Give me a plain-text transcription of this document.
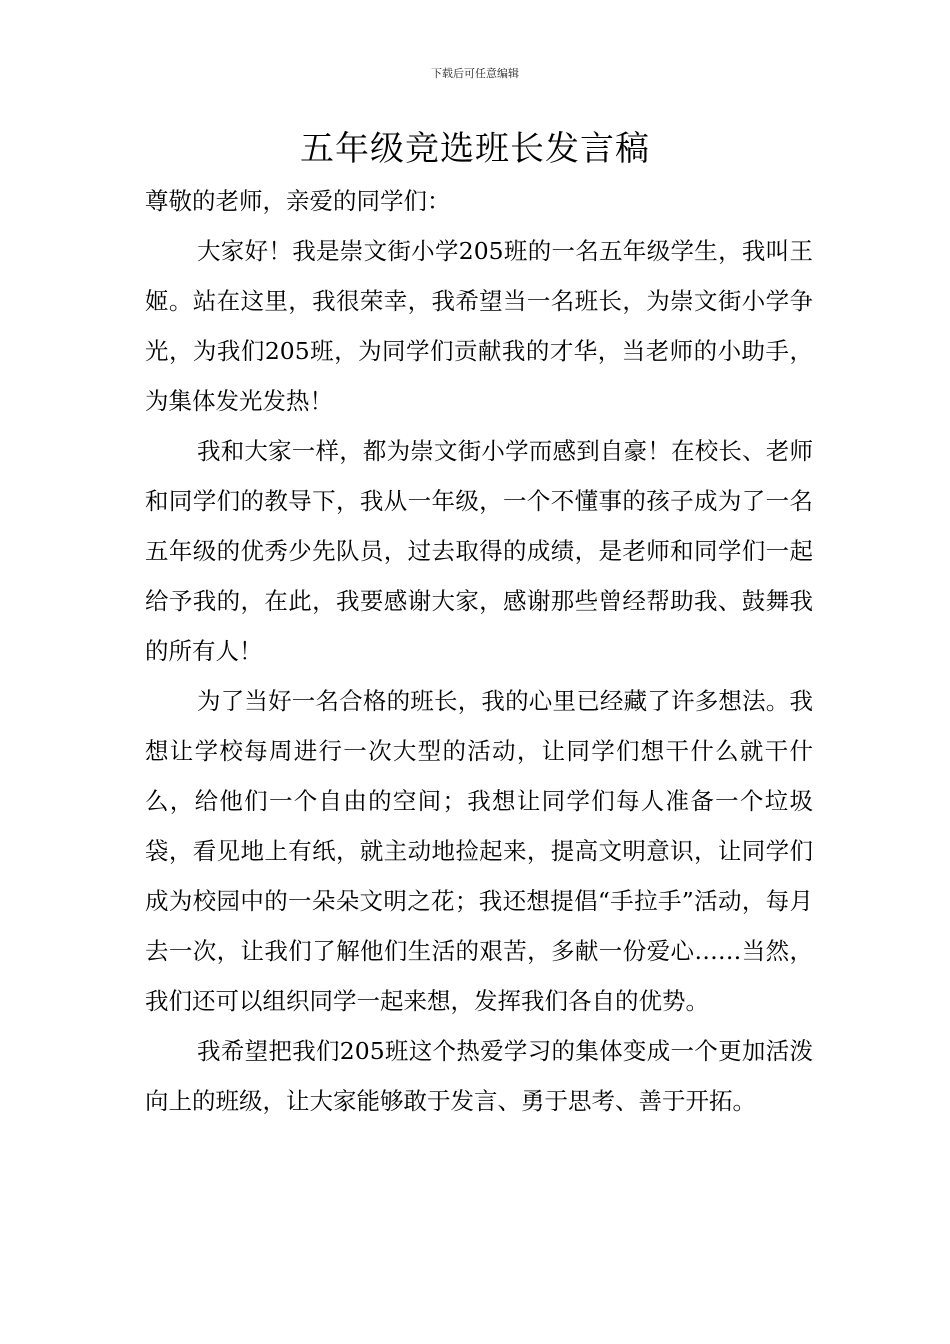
下载后可任意编辑
五年级竞选班长发言稿

尊敬的老师，亲爱的同学们：

大家好！我是崇文街小学205班的一名五年级学生，我叫王姬。站在这里，我很荣幸，我希望当一名班长，为崇文街小学争光，为我们205班，为同学们贡献我的才华，当老师的小助手，为集体发光发热！

我和大家一样，都为崇文街小学而感到自豪！在校长、老师和同学们的教导下，我从一年级，一个不懂事的孩子成为了一名五年级的优秀少先队员，过去取得的成绩，是老师和同学们一起给予我的，在此，我要感谢大家，感谢那些曾经帮助我、鼓舞我的所有人！

为了当好一名合格的班长，我的心里已经藏了许多想法。我想让学校每周进行一次大型的活动，让同学们想干什么就干什么，给他们一个自由的空间；我想让同学们每人准备一个垃圾袋，看见地上有纸，就主动地捡起来，提高文明意识，让同学们成为校园中的一朵朵文明之花；我还想提倡“手拉手”活动，每月去一次，让我们了解他们生活的艰苦，多献一份爱心……当然，我们还可以组织同学一起来想，发挥我们各自的优势。

我希望把我们205班这个热爱学习的集体变成一个更加活泼向上的班级，让大家能够敢于发言、勇于思考、善于开拓。
